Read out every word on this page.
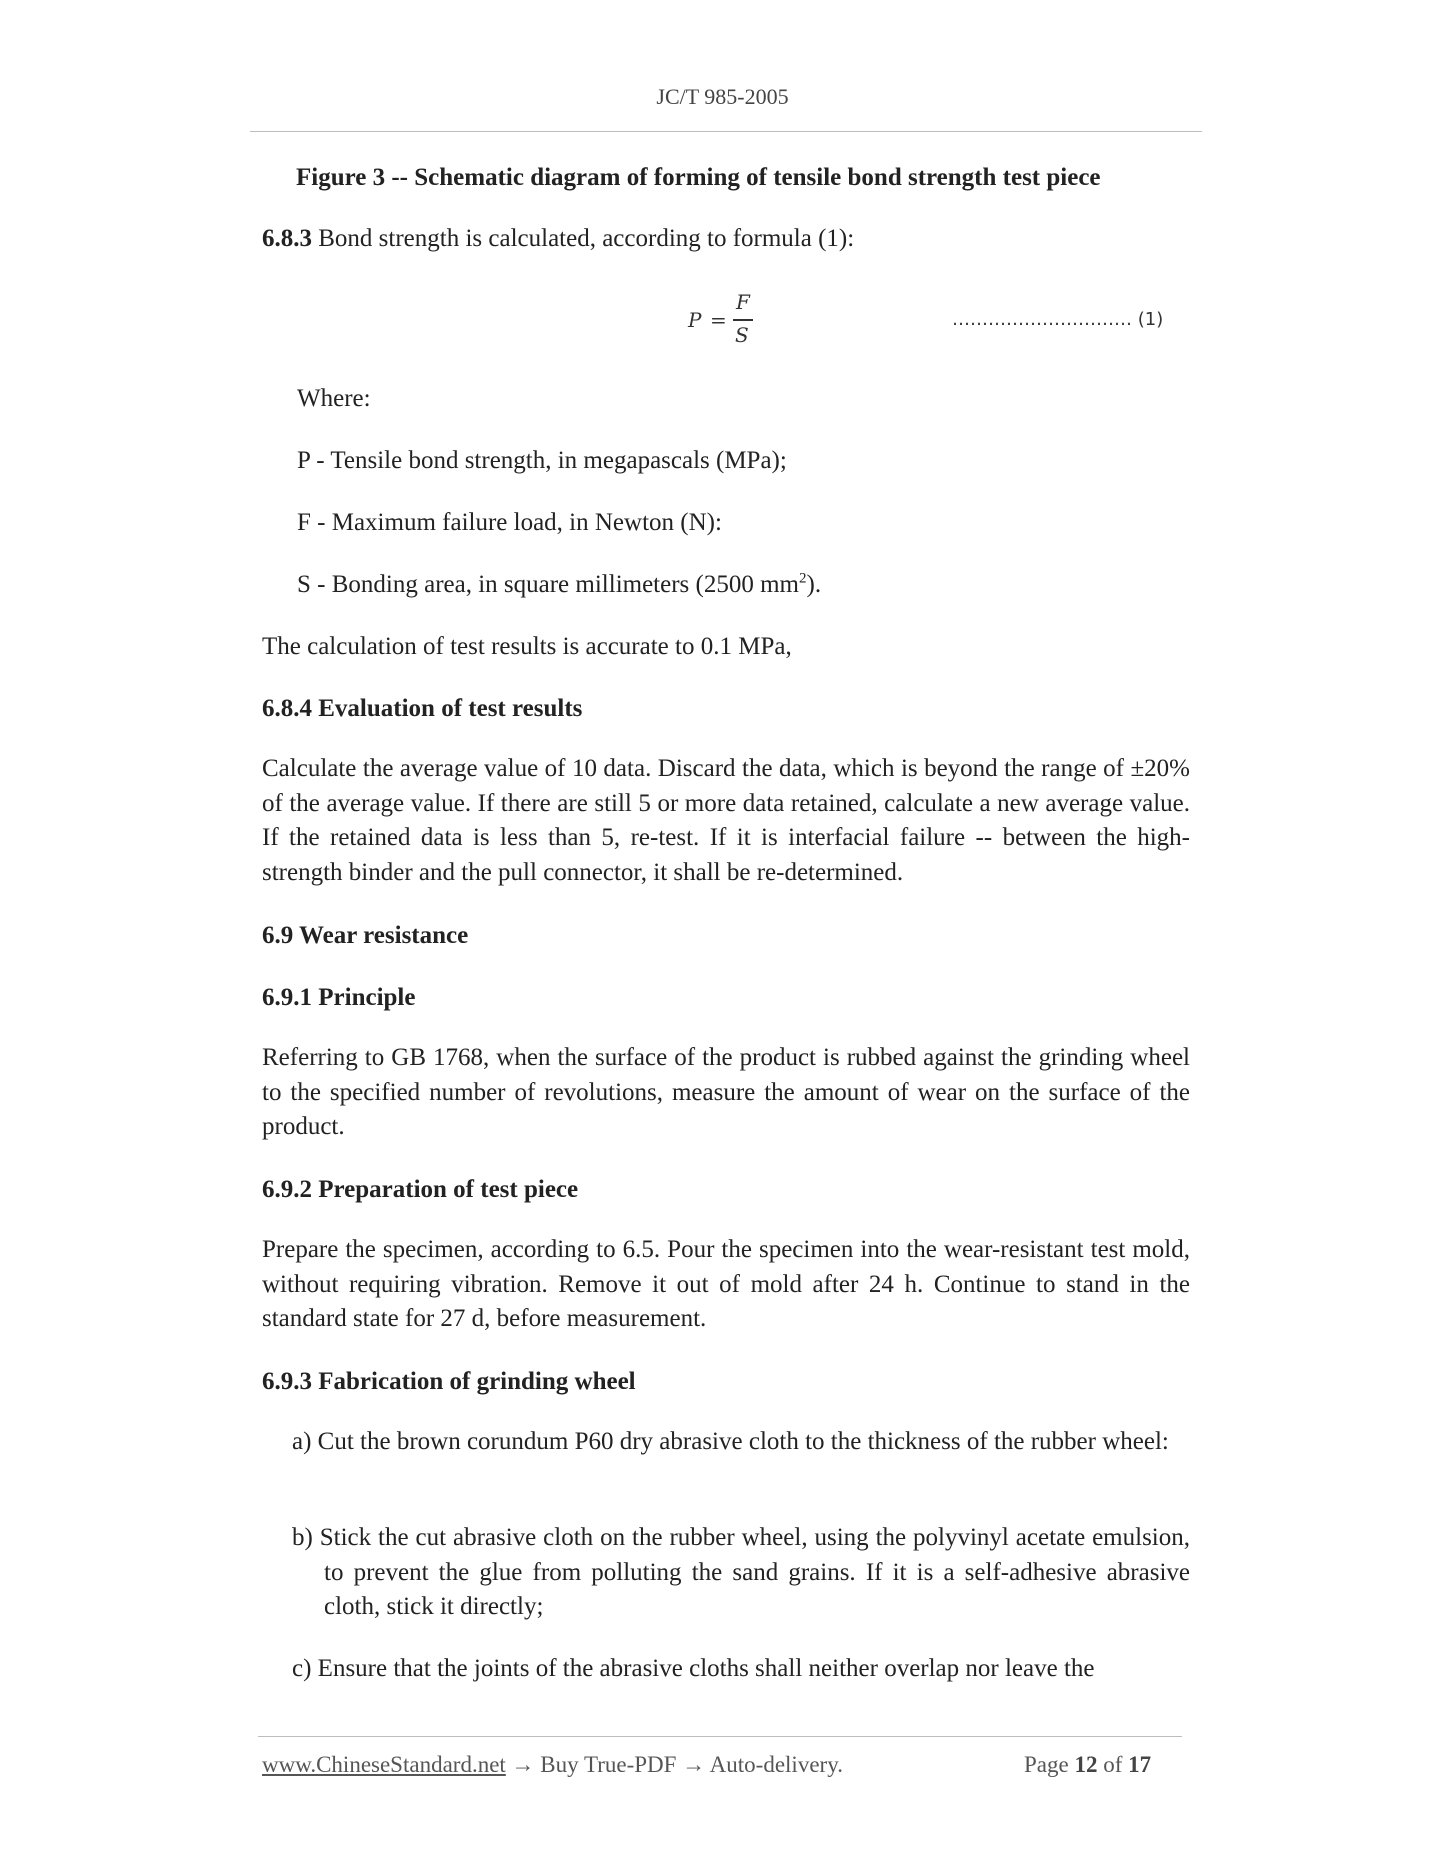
JC/T 985-2005
Figure 3 -- Schematic diagram of forming of tensile bond strength test piece
6.8.3 Bond strength is calculated, according to formula (1):
P =
F
S
………………………… (1)
Where:
P - Tensile bond strength, in megapascals (MPa);
F - Maximum failure load, in Newton (N):
S - Bonding area, in square millimeters (2500 $mm^2$).
The calculation of test results is accurate to 0.1 MPa,
6.8.4 Evaluation of test results
Calculate the average value of 10 data. Discard the data, which is beyond the range of ±20% of the average value. If there are still 5 or more data retained, calculate a new average value. If the retained data is less than 5, re-test. If it is interfacial failure -- between the high-strength binder and the pull connector, it shall be re-determined.
6.9 Wear resistance
6.9.1 Principle
Referring to GB 1768, when the surface of the product is rubbed against the grinding wheel to the specified number of revolutions, measure the amount of wear on the surface of the product.
6.9.2 Preparation of test piece
Prepare the specimen, according to 6.5. Pour the specimen into the wear-resistant test mold, without requiring vibration. Remove it out of mold after 24 h. Continue to stand in the standard state for 27 d, before measurement.
6.9.3 Fabrication of grinding wheel
a) Cut the brown corundum P60 dry abrasive cloth to the thickness of the rubber wheel:
b) Stick the cut abrasive cloth on the rubber wheel, using the polyvinyl acetate emulsion, to prevent the glue from polluting the sand grains. If it is a self-adhesive abrasive cloth, stick it directly;
c) Ensure that the joints of the abrasive cloths shall neither overlap nor leave the
www.ChineseStandard.net → Buy True-PDF → Auto-delivery.	Page 12 of 17
